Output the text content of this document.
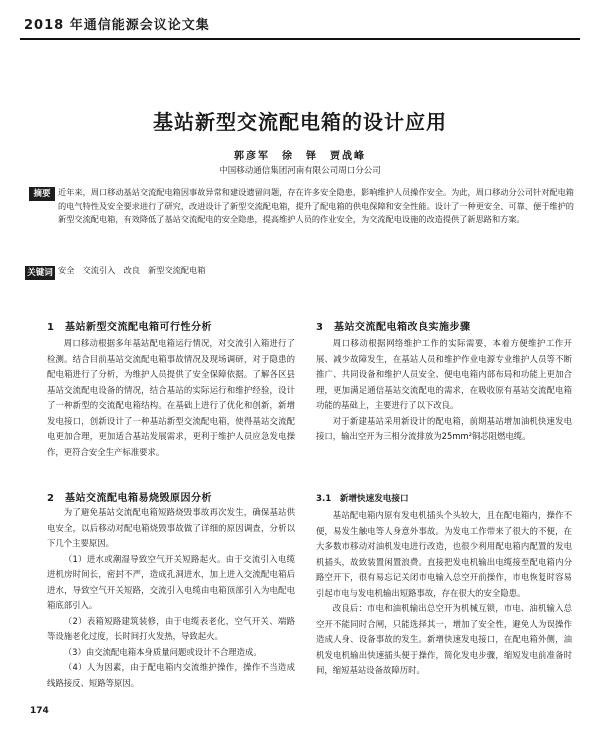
2018 年通信能源会议论文集
基站新型交流配电箱的设计应用
郭彦军　徐　铎　贾战峰
中国移动通信集团河南有限公司周口分公司
摘要 近年来，周口移动基站交流配电箱因事故异常和建设遗留问题，存在许多安全隐患，影响维护人员操作安全。为此，周口移动分公司针对配电箱的电气特性及安全要求进行了研究，改进设计了新型交流配电箱，提升了配电箱的供电保障和安全性能。设计了一种更安全、可靠、便于维护的新型交流配电箱，有效降低了基站交流配电的安全隐患，提高维护人员的作业安全，为交流配电设施的改造提供了新思路和方案。
关键词 安全　交流引入　改良　新型交流配电箱
1　基站新型交流配电箱可行性分析

周口移动根据多年基站配电箱运行情况，对交流引入箱进行了检测。结合目前基站交流配电箱事故情况及现场调研，对于隐患的配电箱进行了分析，为维护人员提供了安全保障依据。了解各区县基站交流配电设备的情况，结合基站的实际运行和维护经验，设计了一种新型的交流配电箱结构。在基础上进行了优化和创新，新增发电接口，创新设计了一种基站新型交流配电箱，使得基站交流配电更加合理，更加适合基站发展需求，更利于维护人员应急发电操作，更符合安全生产标准要求。

2　基站交流配电箱易烧毁原因分析

为了避免基站交流配电箱短路烧毁事故再次发生，确保基站供电安全，以后移动对配电箱烧毁事故做了详细的原因调查，分析以下几个主要原因。

（1）进水或潮湿导致空气开关短路起火。由于交流引入电缆进机房时间长，密封不严，造成孔洞进水，加上进入交流配电箱后进水，导致空气开关短路，交流引入电缆由电箱顶部引入为电配电箱底部引入。

（2）表箱短路建筑装修，由于电缆表老化，空气开关、端路等设施老化过度，长时间打火发热，导致起火。

（3）由交流配电箱本身质量问题或设计不合理造成。

（4）人为因素，由于配电箱内交流维护操作，操作不当造成线路接反、短路等原因。

3　基站交流配电箱改良实施步骤

周口移动根据网络维护工作的实际需要，本着方便维护工作开展、减少故障发生，在基站人员和维护作业电源专业维护人员等不断推广、共同设备和维护人员安全、便电电箱内部布局和功能上更加合理，更加满足通信基站交流配电的需求，在吸收原有基站交流配电箱功能的基础上，主要进行了以下改良。

对于新建基站采用新设计的配电箱，前期基站增加油机快速发电接口，输出空开为三相分流排放为25mm²铜芯阻燃电缆。

3.1　新增快速发电接口

基站配电箱内原有发电机插头个头较大，且在配电箱内，操作不便，易发生触电等人身意外事故。为发电工作带来了很大的不便，在大多数市移动对油机发电进行改造，也很少利用配电箱内配置的发电机插头，故致装置闲置浪费。直接把发电机输出电缆接至配电箱内分路空开下，很有易忘记关闭市电输入总空开前操作，市电恢复时容易引起市电与发电机输出短路事故，存在很大的安全隐患。

改良后：市电和油机输出总空开为机械互锁，市电、油机输入总空开不能同时合闸，只能选择其一，增加了安全性，避免人为误操作造成人身、设备事故的发生。新增快速发电接口，在配电箱外侧，油机发电机输出快速插头便于操作，简化发电步骤，缩短发电前准备时间，缩短基站设备故障历时。

174
